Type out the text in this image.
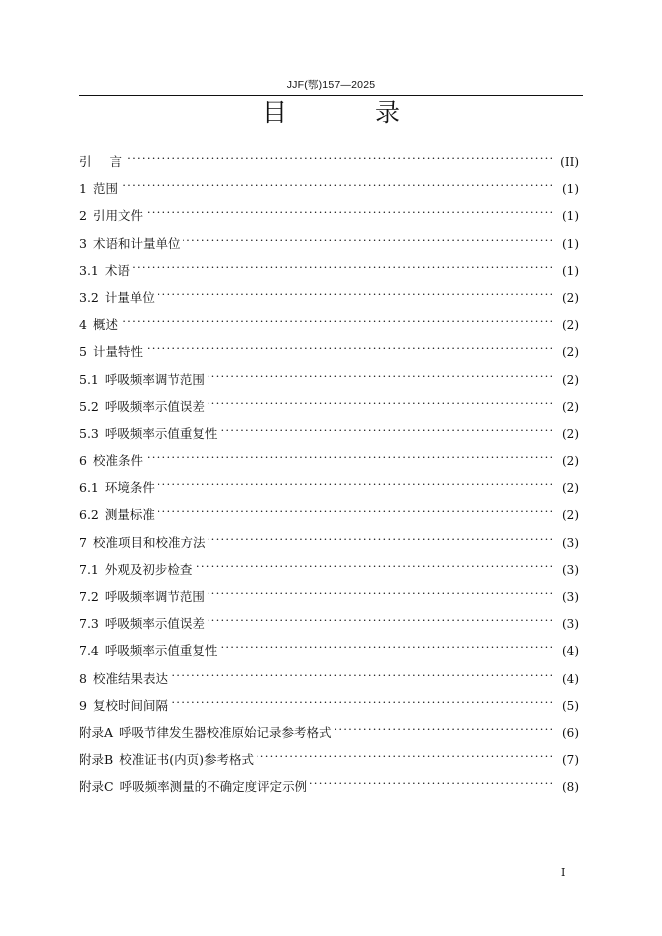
JJF(鄂)157—2025
目 录
引	言 . . .	(II)
1 范围 . . .	(1)
2 引用文件 . . .	(1)
3 术语和计量单位 . . .	(1)
3.1 术语 . . .	(1)
3.2 计量单位 . . .	(2)
4 概述 . . .	(2)
5 计量特性 . . .	(2)
5.1 呼吸频率调节范围 . . .	(2)
5.2 呼吸频率示值误差 . . .	(2)
5.3 呼吸频率示值重复性 . . .	(2)
6 校准条件 . . .	(2)
6.1 环境条件 . . .	(2)
6.2 测量标准 . . .	(2)
7 校准项目和校准方法 . . .	(3)
7.1 外观及初步检查 . . .	(3)
7.2 呼吸频率调节范围 . . .	(3)
7.3 呼吸频率示值误差 . . .	(3)
7.4 呼吸频率示值重复性 . . .	(4)
8 校准结果表达 . . .	(4)
9 复校时间间隔 . . .	(5)
附录A 呼吸节律发生器校准原始记录参考格式 . . .	(6)
附录B 校准证书(内页)参考格式 . . .	(7)
附录C 呼吸频率测量的不确定度评定示例 . . .	(8)
I
